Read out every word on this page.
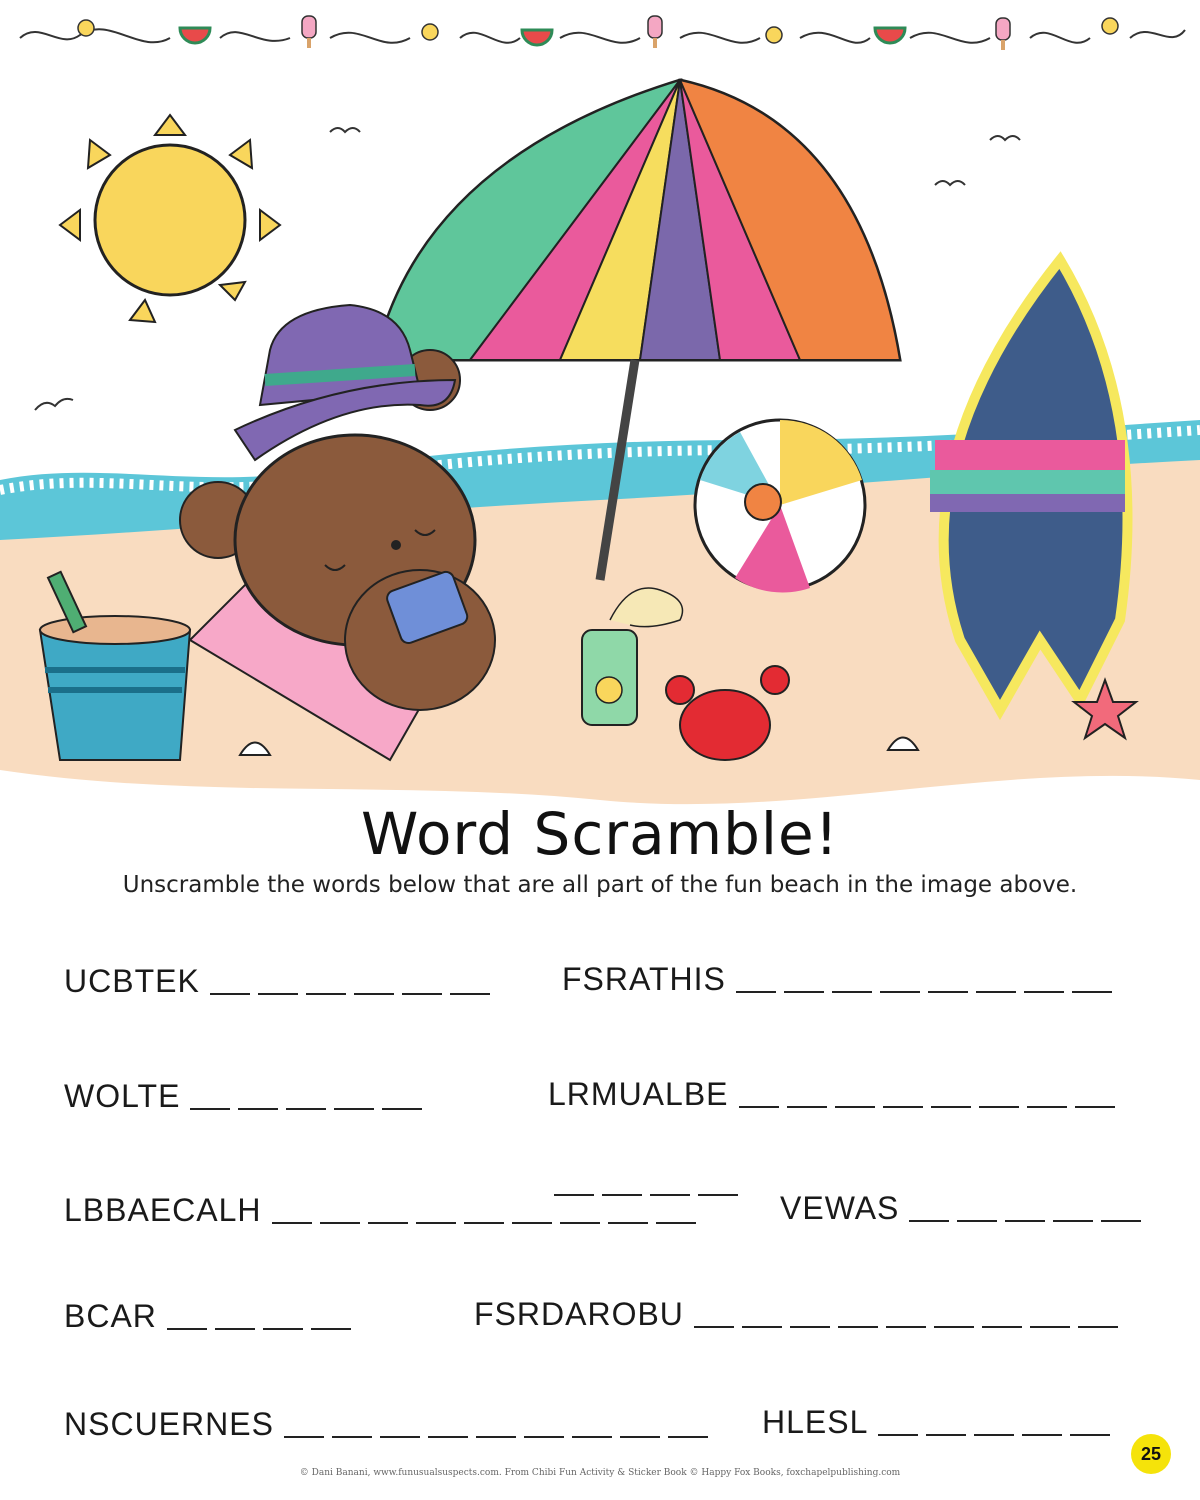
Word Scramble!
Unscramble the words below that are all part of the fun beach in the image above.
UCBTEK	FSRATHIS
WOLTE	LRMUALBE
LBBAECALH	VEWAS
BCAR	FSRDAROBU
NSCUERNES	HLESL
© Dani Banani, www.funusualsuspects.com. From Chibi Fun Activity & Sticker Book © Happy Fox Books, foxchapelpublishing.com
25
